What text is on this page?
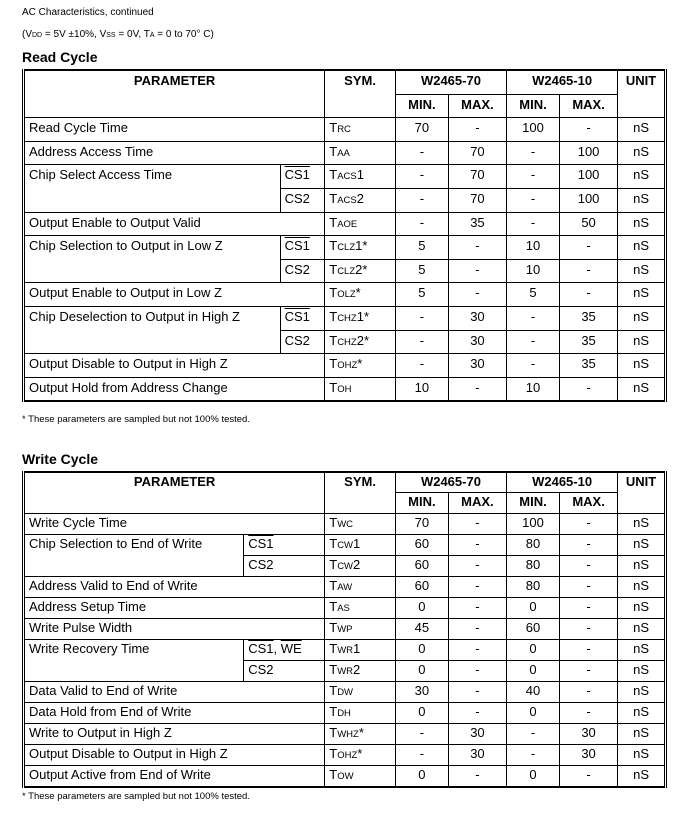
AC Characteristics, continued
(VDD = 5V ±10%, VSS = 0V, TA = 0 to 70° C)
Read Cycle
PARAMETER		SYM.	W2465-70		W2465-10		UNIT
			MIN.	MAX.	MIN.	MAX.	
Read Cycle Time		TRC	70	-	100	-	nS
Address Access Time		TAA	-	70	-	100	nS
Chip Select Access Time	CS1	TACS1	-	70	-	100	nS
	CS2	TACS2	-	70	-	100	nS
Output Enable to Output Valid		TAOE	-	35	-	50	nS
Chip Selection to Output in Low Z	CS1	TCLZ1*	5	-	10	-	nS
	CS2	TCLZ2*	5	-	10	-	nS
Output Enable to Output in Low Z		TOLZ*	5	-	5	-	nS
Chip Deselection to Output in High Z	CS1	TCHZ1*	-	30	-	35	nS
	CS2	TCHZ2*	-	30	-	35	nS
Output Disable to Output in High Z		TOHZ*	-	30	-	35	nS
Output Hold from Address Change		TOH	10	-	10	-	nS
* These parameters are sampled but not 100% tested.
Write Cycle
PARAMETER		SYM.	W2465-70		W2465-10		UNIT
			MIN.	MAX.	MIN.	MAX.	
Write Cycle Time		TWC	70	-	100	-	nS
Chip Selection to End of Write	CS1	TCW1	60	-	80	-	nS
	CS2	TCW2	60	-	80	-	nS
Address Valid to End of Write		TAW	60	-	80	-	nS
Address Setup Time		TAS	0	-	0	-	nS
Write Pulse Width		TWP	45	-	60	-	nS
Write Recovery Time	CS1, $\overline{WE}$	TWR1	0	-	0	-	nS
	CS2	TWR2	0	-	0	-	nS
Data Valid to End of Write		TDW	30	-	40	-	nS
Data Hold from End of Write		TDH	0	-	0	-	nS
Write to Output in High Z		TWHZ*	-	30	-	30	nS
Output Disable to Output in High Z		TOHZ*	-	30	-	30	nS
Output Active from End of Write		TOW	0	-	0	-	nS
* These parameters are sampled but not 100% tested.
